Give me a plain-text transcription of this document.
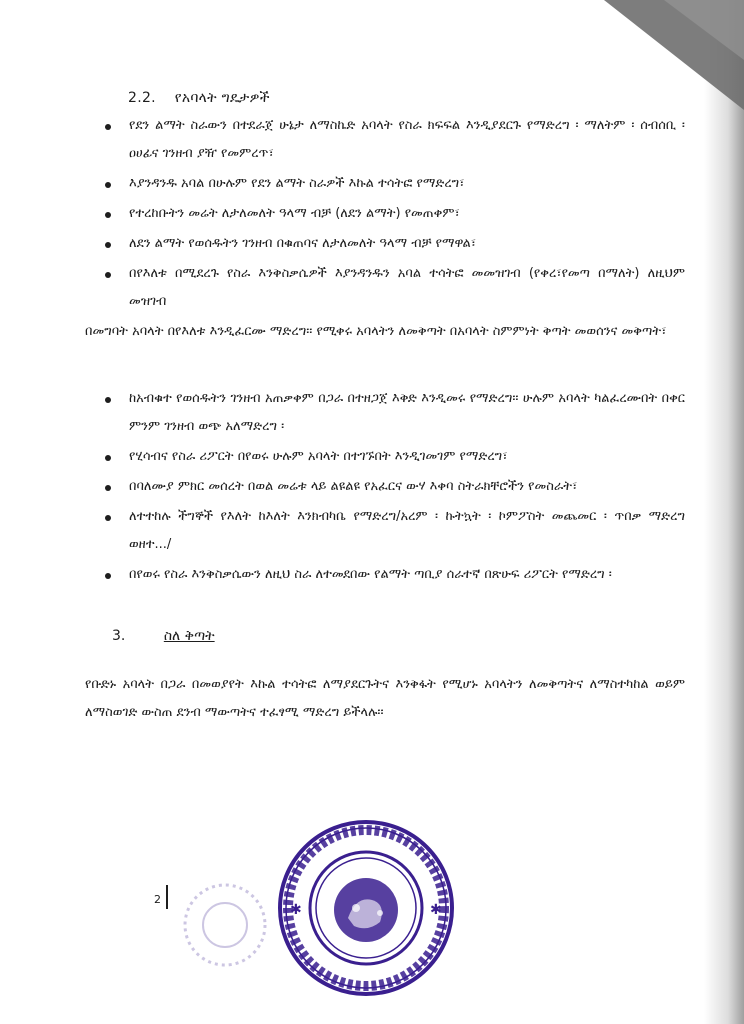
2.2. የአባላት ግዴታዎች
የደን ልማት ስራውን በተደራጀ ሁኔታ ለማስኬድ አባላት የስራ ክፍፍል እንዲያደርጉ የማድረግ ፡ ማለትም ፡ ሰብሰቢ ፡ ዐሀፊና ገንዘብ ያዥ የመምረጥ፣
እያንዳንዱ አባል በሁሉም የደን ልማት ስራዎች እኩል ተሳትፎ የማድረግ፣
የተረከቡትን መሬት ለታለመለት ዓላማ ብቻ (ለደን ልማት) የመጠቀም፣
ለደን ልማት የወሰዱትን ገንዘብ በቁጠባና ለታለመለት ዓላማ ብቻ የማዋል፣
በየእለቱ በሚደረጉ የስራ እንቅስቃሴዎች እያንዳንዱን አባል ተሳትፎ መመዝገብ (የቀረ፣የመጣ በማለት) ለዚህም መዝገብ

በመግባት አባላት በየእለቱ እንዲፈርሙ ማድረግ፡፡ የሚቀሩ አባላትን ለመቅጣት በአባላት ስምምነት ቅጣት መወሰንና መቅጣት፣

ከአብቁተ የወሰዱትን ገንዘብ አጠቃቀም በጋራ በተዘጋጀ እቅድ እንዲመሩ የማድረግ፡፡ ሁሉም አባላት ካልፈረሙበት በቀር ምንም ገንዘብ ወጭ አለማድረግ ፡
የሂሳብና የስራ ሪፖርት በየወሩ ሁሉም አባላት በተገኙበት እንዲገመገም የማድረግ፣
በባለሙያ ምክር መሰረት በወል መሬቱ ላይ ልዩልዩ የአፈርና ውሃ እቀባ ስትራክቸሮችን የመስራት፣
ለተተከሉ ችግኞች የእለት ከእለት እንክብካቤ የማድረግ/አረም ፡ ኩትኳት ፡ ኮምፖስት መጨመር ፡ ጥበቃ ማድረግ ወዘተ.../
በየወሩ የስራ እንቅስቃሴውን ለዚህ ስራ ለተመደበው የልማት ጣቢያ ሰራተኛ በጽሁፍ ሪፖርት የማድረግ ፡
3.	ስለ ቅጣት

የቡድኑ አባላት በጋራ በመወያየት እኩል ተሳትፎ ለማያደርጉትና እንቅፋት የሚሆኑ አባላትን ለመቅጣትና ለማስተካከል ወይም ለማስወገድ ውስጠ ደንብ ማውጣትና ተፈፃሚ ማድረግ ይችላሉ፡፡

2
✱	✱
